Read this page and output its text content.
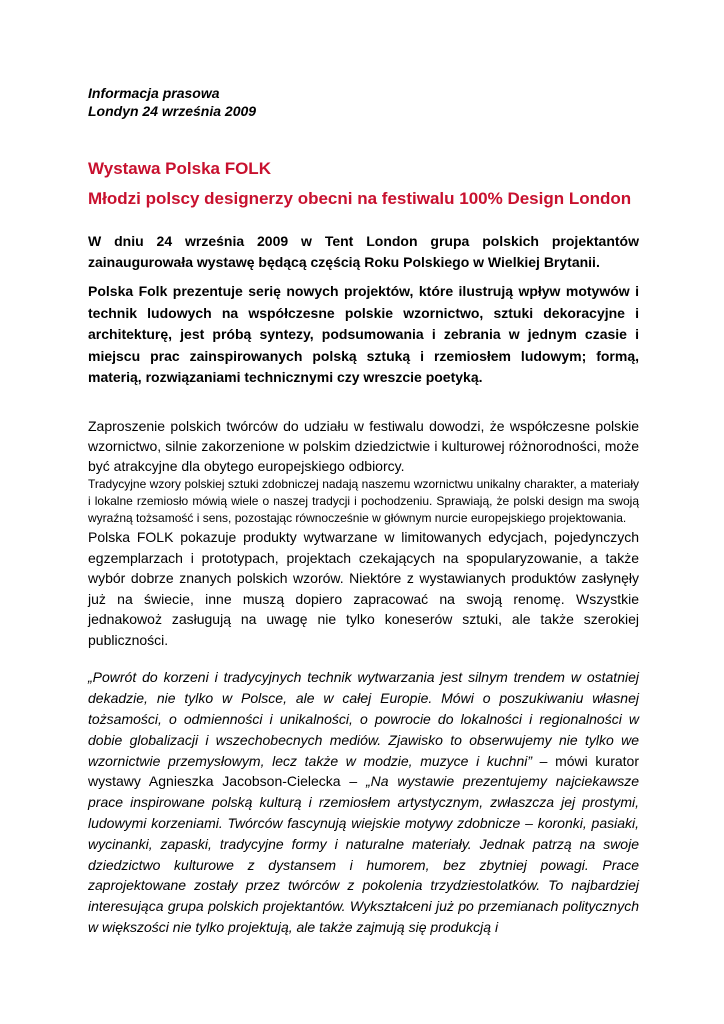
Informacja prasowa

Londyn 24 września 2009

Wystawa Polska FOLK
Młodzi polscy designerzy obecni na festiwalu 100% Design London

W dniu 24 września 2009 w Tent London grupa polskich projektantów zainaugurowała wystawę będącą częścią Roku Polskiego w Wielkiej Brytanii.

Polska Folk prezentuje serię nowych projektów, które ilustrują wpływ motywów i technik ludowych na współczesne polskie wzornictwo, sztuki dekoracyjne i architekturę, jest próbą syntezy, podsumowania i zebrania w jednym czasie i miejscu prac zainspirowanych polską sztuką i rzemiosłem ludowym; formą, materią, rozwiązaniami technicznymi czy wreszcie poetyką.

Zaproszenie polskich twórców do udziału w festiwalu dowodzi, że współczesne polskie wzornictwo, silnie zakorzenione w polskim dziedzictwie i kulturowej różnorodności, może być atrakcyjne dla obytego europejskiego odbiorcy.

Tradycyjne wzory polskiej sztuki zdobniczej nadają naszemu wzornictwu unikalny charakter, a materiały i lokalne rzemiosło mówią wiele o naszej tradycji i pochodzeniu. Sprawiają, że polski design ma swoją wyraźną tożsamość i sens, pozostając równocześnie w głównym nurcie europejskiego projektowania.

Polska FOLK pokazuje produkty wytwarzane w limitowanych edycjach, pojedynczych egzemplarzach i prototypach, projektach czekających na spopularyzowanie, a także wybór dobrze znanych polskich wzorów. Niektóre z wystawianych produktów zasłynęły już na świecie, inne muszą dopiero zapracować na swoją renomę. Wszystkie jednakowoż zasługują na uwagę nie tylko koneserów sztuki, ale także szerokiej publiczności.

„Powrót do korzeni i tradycyjnych technik wytwarzania jest silnym trendem w ostatniej dekadzie, nie tylko w Polsce, ale w całej Europie. Mówi o poszukiwaniu własnej tożsamości, o odmienności i unikalności, o powrocie do lokalności i regionalności w dobie globalizacji i wszechobecnych mediów. Zjawisko to obserwujemy nie tylko we wzornictwie przemysłowym, lecz także w modzie, muzyce i kuchni” – mówi kurator wystawy Agnieszka Jacobson-Cielecka – „Na wystawie prezentujemy najciekawsze prace inspirowane polską kulturą i rzemiosłem artystycznym, zwłaszcza jej prostymi, ludowymi korzeniami. Twórców fascynują wiejskie motywy zdobnicze – koronki, pasiaki, wycinanki, zapaski, tradycyjne formy i naturalne materiały. Jednak patrzą na swoje dziedzictwo kulturowe z dystansem i humorem, bez zbytniej powagi. Prace zaprojektowane zostały przez twórców z pokolenia trzydziestolatków. To najbardziej interesująca grupa polskich projektantów. Wykształceni już po przemianach politycznych w większości nie tylko projektują, ale także zajmują się produkcją i
